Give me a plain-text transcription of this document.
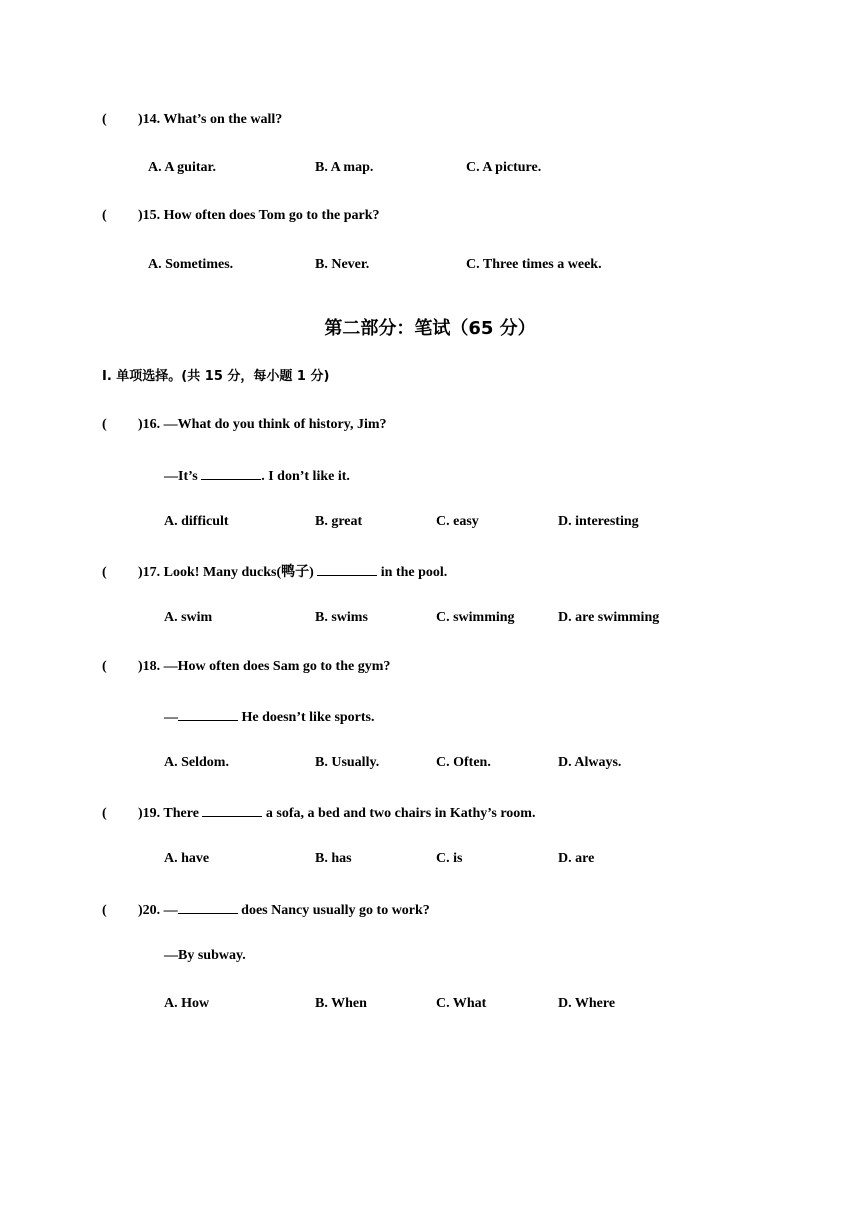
( )14. What’s on the wall?
A. A guitar.	B. A map.	C. A picture.
( )15. How often does Tom go to the park?
A. Sometimes.	B. Never.	C. Three times a week.
第二部分：笔试（65 分）
I. 单项选择。(共 15 分，每小题 1 分)
( )16. —What do you think of history, Jim?
—It’s	. I don’t like it.
A. difficult	B. great	C. easy	D. interesting
( )17. Look! Many ducks(鸭子)	in the pool.
A. swim	B. swims	C. swimming	D. are swimming
( )18. —How often does Sam go to the gym?
—	He doesn’t like sports.
A. Seldom.	B. Usually.	C. Often.	D. Always.
( )19. There	a sofa, a bed and two chairs in Kathy’s room.
A. have	B. has	C. is	D. are
( )20. —	does Nancy usually go to work?
—By subway.
A. How	B. When	C. What	D. Where
